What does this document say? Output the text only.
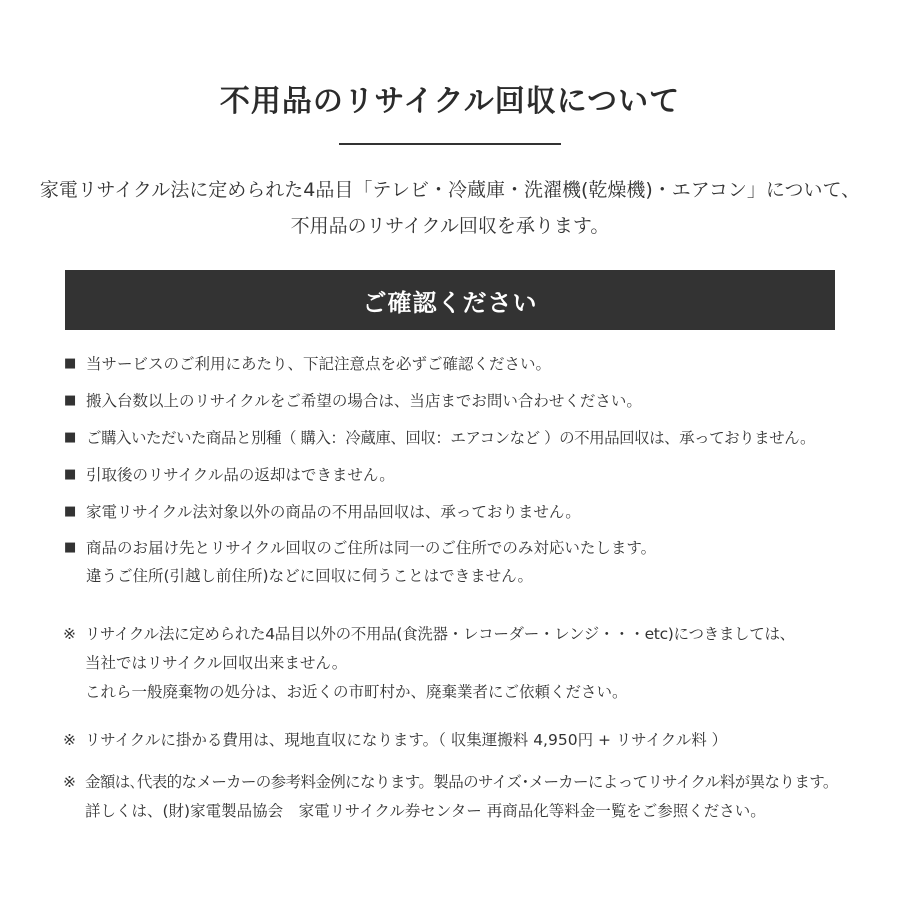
不用品のリサイクル回収について
家電リサイクル法に定められた4品目「テレビ・冷蔵庫・洗濯機(乾燥機)・エアコン」について、
不用品のリサイクル回収を承ります。
ご確認ください
■ 当サービスのご利用にあたり、下記注意点を必ずご確認ください。
■ 搬入台数以上のリサイクルをご希望の場合は、当店までお問い合わせください。
■ ご購入いただいた商品と別種（ 購入：冷蔵庫、回収：エアコンなど ）の不用品回収は、承っておりません。
■ 引取後のリサイクル品の返却はできません。
■ 家電リサイクル法対象以外の商品の不用品回収は、承っておりません。
■ 商品のお届け先とリサイクル回収のご住所は同一のご住所でのみ対応いたします。
違うご住所(引越し前住所)などに回収に伺うことはできません。
※ リサイクル法に定められた4品目以外の不用品(食洗器・レコーダー・レンジ・・・etc)につきましては、
当社ではリサイクル回収出来ません。
これら一般廃棄物の処分は、お近くの市町村か、廃棄業者にご依頼ください。
※ リサイクルに掛かる費用は、現地直収になります。（ 収集運搬料 4,950円 + リサイクル料 ）
※ 金額は､代表的なメーカーの参考料金例になります。製品のサイズ･メーカーによってリサイクル料が異なります。
詳しくは、(財)家電製品協会　家電リサイクル券センター 再商品化等料金一覧をご参照ください。
